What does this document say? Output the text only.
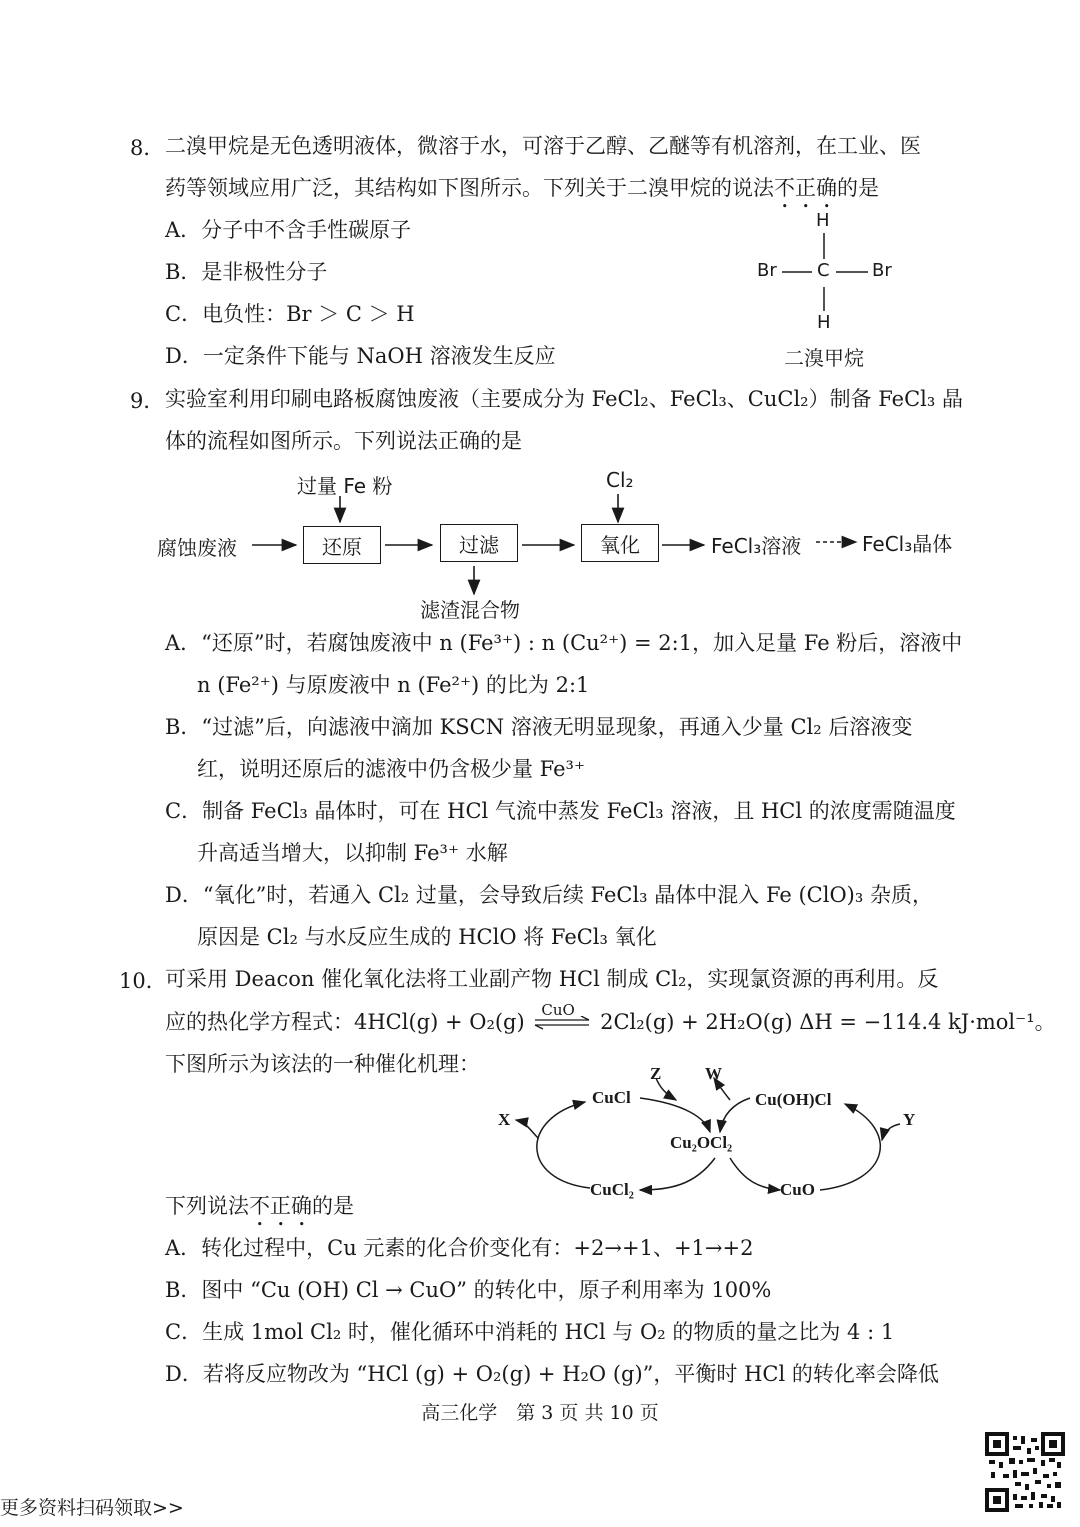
8． 二溴甲烷是无色透明液体，微溶于水，可溶于乙醇、乙醚等有机溶剂，在工业、医
药等领域应用广泛，其结构如下图所示。下列关于二溴甲烷的说法不正确的是
A．分子中不含手性碳原子
B．是非极性分子
C．电负性：Br ＞ C ＞ H
D．一定条件下能与 NaOH 溶液发生反应
H
Br C Br
H
二溴甲烷
9． 实验室利用印刷电路板腐蚀废液（主要成分为 FeCl₂、FeCl₃、CuCl₂）制备 FeCl₃ 晶
体的流程如图所示。下列说法正确的是
腐蚀废液
过量 Fe 粉
还原	过滤
滤渣混合物
Cl₂
氧化	FeCl₃溶液	FeCl₃晶体
A．“还原”时，若腐蚀废液中 n (Fe³⁺) : n (Cu²⁺) = 2:1，加入足量 Fe 粉后，溶液中
n (Fe²⁺) 与原废液中 n (Fe²⁺) 的比为 2:1
B．“过滤”后，向滤液中滴加 KSCN 溶液无明显现象，再通入少量 Cl₂ 后溶液变
红，说明还原后的滤液中仍含极少量 Fe³⁺
C．制备 FeCl₃ 晶体时，可在 HCl 气流中蒸发 FeCl₃ 溶液，且 HCl 的浓度需随温度
升高适当增大，以抑制 Fe³⁺ 水解
D．“氧化”时，若通入 Cl₂ 过量，会导致后续 FeCl₃ 晶体中混入 Fe (ClO)₃ 杂质，
原因是 Cl₂ 与水反应生成的 HClO 将 FeCl₃ 氧化
10．
可采用 Deacon 催化氧化法将工业副产物 HCl 制成 Cl₂，实现氯资源的再利用。反
应的热化学方程式：4HCl(g) + O₂(g) CuO 2Cl₂(g) + 2H₂O(g) ΔH = −114.4 kJ·mol⁻¹。
下图所示为该法的一种催化机理：
CuCl	Cu(OH)Cl
Cu₂OCl₂
CuCl₂	CuO
X	Y
Z	W
下列说法不正确的是
A．转化过程中，Cu 元素的化合价变化有：+2→+1、+1→+2
B．图中 “Cu (OH) Cl → CuO” 的转化中，原子利用率为 100%
C．生成 1mol Cl₂ 时，催化循环中消耗的 HCl 与 O₂ 的物质的量之比为 4 : 1
D．若将反应物改为 “HCl (g) + O₂(g) + H₂O (g)”，平衡时 HCl 的转化率会降低
高三化学　第 3 页 共 10 页
更多资料扫码领取>>
